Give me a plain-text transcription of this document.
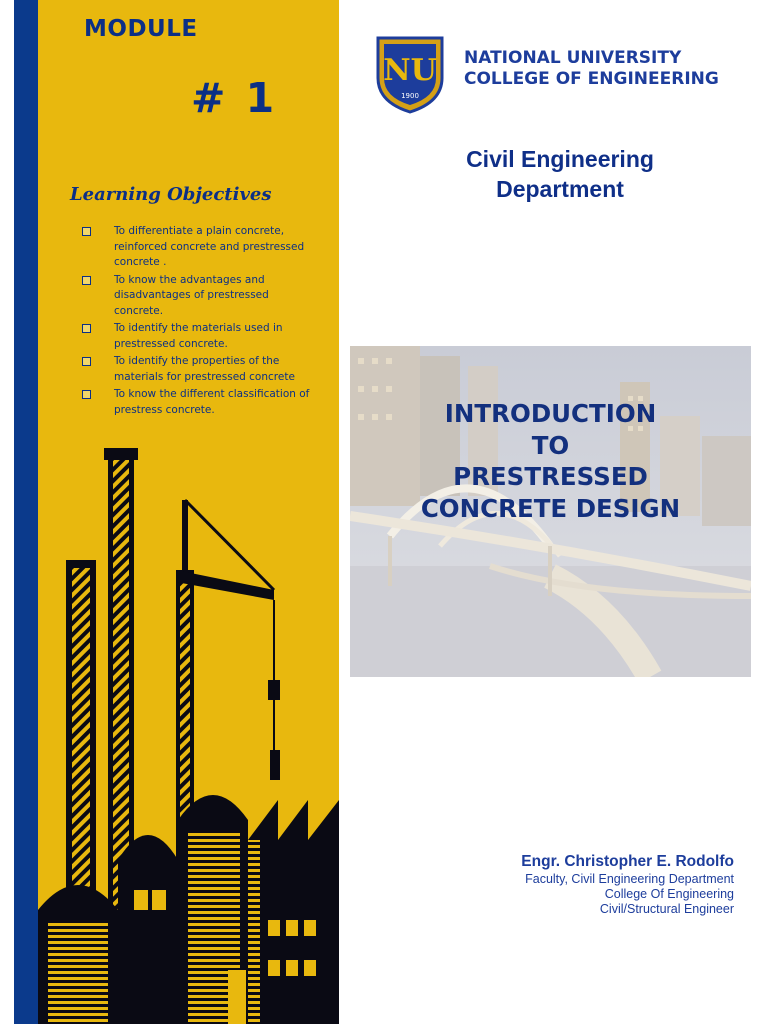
MODULE
# 1
Learning Objectives
To differentiate a plain concrete, reinforced concrete and prestressed concrete .
To know the advantages and disadvantages of prestressed concrete.
To identify the materials used in prestressed concrete.
To identify the properties of the materials for prestressed concrete
To know the different classification of prestress concrete.
NU
1900
NATIONAL UNIVERSITY
COLLEGE OF ENGINEERING
Civil Engineering
Department
INTRODUCTION
TO
PRESTRESSED
CONCRETE DESIGN
Engr. Christopher E. Rodolfo
Faculty, Civil Engineering Department
College Of Engineering
Civil/Structural Engineer
